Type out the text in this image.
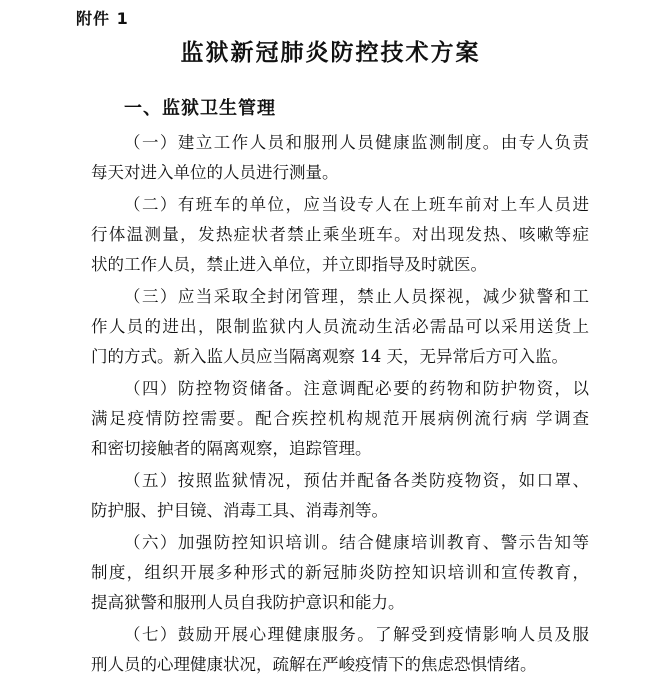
附件 1
监狱新冠肺炎防控技术方案
一、监狱卫生管理
（一）建立工作人员和服刑人员健康监测制度。由专人负责
每天对进入单位的人员进行测量。
（二）有班车的单位，应当设专人在上班车前对上车人员进
行体温测量，发热症状者禁止乘坐班车。对出现发热、咳嗽等症
状的工作人员，禁止进入单位，并立即指导及时就医。
（三）应当采取全封闭管理，禁止人员探视，减少狱警和工
作人员的进出，限制监狱内人员流动生活必需品可以采用送货上
门的方式。新入监人员应当隔离观察 14 天，无异常后方可入监。
（四）防控物资储备。注意调配必要的药物和防护物资，以
满足疫情防控需要。配合疾控机构规范开展病例流行病 学调查
和密切接触者的隔离观察，追踪管理。
（五）按照监狱情况，预估并配备各类防疫物资，如口罩、
防护服、护目镜、消毒工具、消毒剂等。
（六）加强防控知识培训。结合健康培训教育、警示告知等
制度，组织开展多种形式的新冠肺炎防控知识培训和宣传教育，
提高狱警和服刑人员自我防护意识和能力。
（七）鼓励开展心理健康服务。了解受到疫情影响人员及服
刑人员的心理健康状况，疏解在严峻疫情下的焦虑恐惧情绪。
